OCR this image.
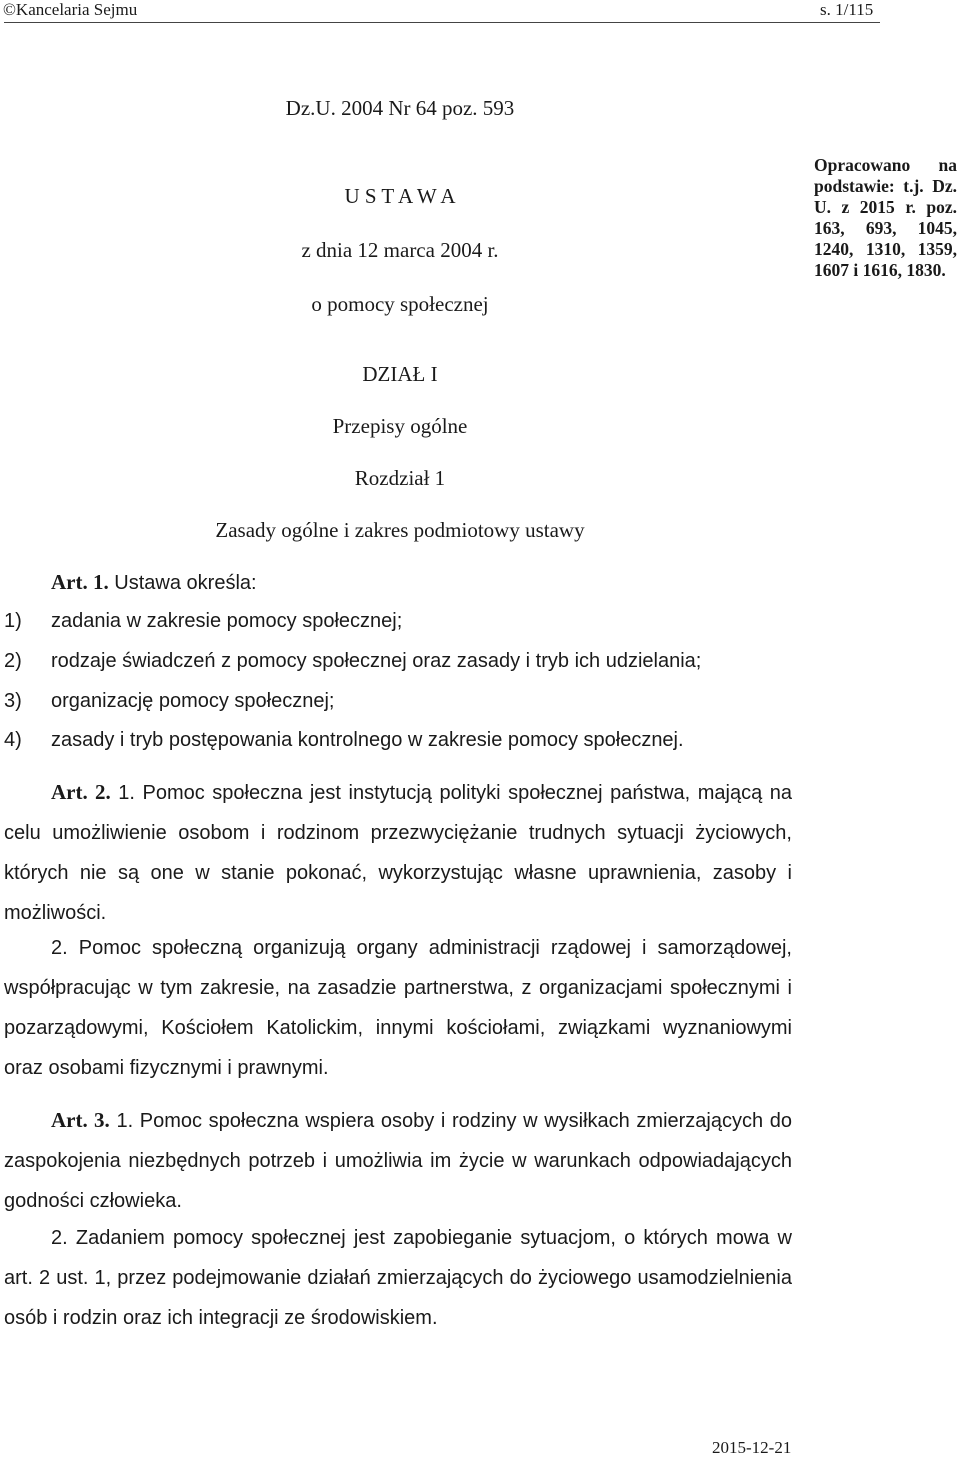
©Kancelaria Sejmu	s. 1/115
Dz.U. 2004 Nr 64 poz. 593
U S T A W A
z dnia 12 marca 2004 r.
o pomocy społecznej
Opracowano na podstawie: t.j. Dz. U. z 2015 r. poz. 163, 693, 1045, 1240, 1310, 1359, 1607 i 1616, 1830.
DZIAŁ I
Przepisy ogólne
Rozdział 1
Zasady ogólne i zakres podmiotowy ustawy
Art. 1. Ustawa określa:
1) zadania w zakresie pomocy społecznej;
2) rodzaje świadczeń z pomocy społecznej oraz zasady i tryb ich udzielania;
3) organizację pomocy społecznej;
4) zasady i tryb postępowania kontrolnego w zakresie pomocy społecznej.
Art. 2. 1. Pomoc społeczna jest instytucją polityki społecznej państwa, mającą na celu umożliwienie osobom i rodzinom przezwyciężanie trudnych sytuacji życiowych, których nie są one w stanie pokonać, wykorzystując własne uprawnienia, zasoby i możliwości.
2. Pomoc społeczną organizują organy administracji rządowej i samorządowej, współpracując w tym zakresie, na zasadzie partnerstwa, z organizacjami społecznymi i pozarządowymi, Kościołem Katolickim, innymi kościołami, związkami wyznaniowymi oraz osobami fizycznymi i prawnymi.
Art. 3. 1. Pomoc społeczna wspiera osoby i rodziny w wysiłkach zmierzających do zaspokojenia niezbędnych potrzeb i umożliwia im życie w warunkach odpowiadających godności człowieka.
2. Zadaniem pomocy społecznej jest zapobieganie sytuacjom, o których mowa w art. 2 ust. 1, przez podejmowanie działań zmierzających do życiowego usamodzielnienia osób i rodzin oraz ich integracji ze środowiskiem.
2015-12-21
